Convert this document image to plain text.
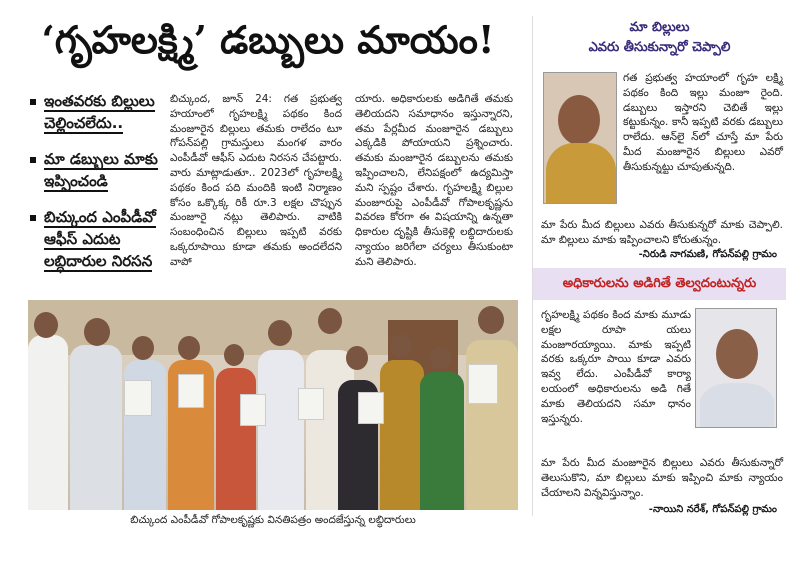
‘గృహలక్ష్మి’ డబ్బులు మాయం!
ఇంతవరకు బిల్లులు చెల్లించలేదు..
మా డబ్బులు మాకు ఇప్పించండి
బిచ్కుంద ఎంపీడీవో ఆఫీస్ ఎదుట లబ్ధిదారుల నిరసన
బిచ్కుంద, జూన్ 24: గత ప్రభుత్వ హయాంలో గృహలక్ష్మి పథకం కింద మంజూరైన బిల్లులు తమకు రాలేదం టూ గోపన్‌పల్లి గ్రామస్తులు మంగళ వారం ఎంపీడీవో ఆఫీస్ ఎదుట నిరసన చేపట్టారు. వారు మాట్లాడుతూ.. 2023లో గృహలక్ష్మి పథకం కింద పది మందికి ఇంటి నిర్మాణం కోసం ఒక్కొక్క రికీ రూ.3 లక్షల చొప్పున మంజూరై నట్లు తెలిపారు. వాటికి సంబంధించిన బిల్లులు ఇప్పటి వరకు ఒక్కరూపాయి కూడా తమకు అందలేదని వాపో
యారు. అధికారులకు అడిగితే తమకు తెలియదని సమాధానం ఇస్తున్నారని, తమ పేర్లమీద మంజూరైన డబ్బులు ఎక్కడికి పోయాయని ప్రశ్నించారు. తమకు మంజూరైన డబ్బులను తమకు ఇప్పించాలని, లేనిపక్షంలో ఉద్యమిస్తా మని స్పష్టం చేశారు. గృహలక్ష్మి బిల్లుల మంజూరుపై ఎంపీడీవో గోపాలకృష్ణను వివరణ కోరగా ఈ విషయాన్ని ఉన్నతా ధికారుల దృష్టికి తీసుకెళ్లి లబ్ధిదారులకు న్యాయం జరిగేలా చర్యలు తీసుకుంటా మని తెలిపారు.
బిచ్కుంద ఎంపీడీవో గోపాలకృష్ణకు వినతిపత్రం అందజేస్తున్న లబ్ధిదారులు
మా బిల్లులు
ఎవరు తీసుకున్నారో చెప్పాలి
గత ప్రభుత్వ హయాంలో గృహ లక్ష్మి పథకం కింది ఇల్లు మంజూ రైంది. డబ్బులు ఇస్తారని చెబితే ఇల్లు కట్టుకున్నం. కానీ ఇప్పటి వరకు డబ్బులు రాలేదు. ఆన్‌లై న్‌లో చూస్తే మా పేరు మీద మంజూరైన బిల్లులు ఎవరో తీసుకున్నట్టు చూపుతున్నది.
మా పేరు మీద బిల్లులు ఎవరు తీసుకున్నరో మాకు చెప్పాలి. మా బిల్లులు మాకు ఇప్పించాలని కోరుతున్నం.
-నిరుడి నాగమణి, గోపన్‌పల్లి గ్రామం
అధికారులను అడిగితే తెల్వదంటున్నరు
గృహలక్ష్మి పథకం కింద మాకు మూడు లక్షల రూపా యలు మంజూరయ్యాయి. మాకు ఇప్పటి వరకు ఒక్కరూ పాయి కూడా ఎవరు ఇవ్వ లేదు. ఎంపీడీవో కార్యా లయంలో అధికారులను అడి గితే మాకు తెలియదని సమా ధానం ఇస్తున్నరు.
మా పేరు మీద మంజూరైన బిల్లులు ఎవరు తీసుకున్నారో తెలుసుకొని, మా బిల్లులు మాకు ఇప్పించి మాకు న్యాయం చేయాలని విన్నవిస్తున్నాం.
-నాయిని నరేశ్, గోపన్‌పల్లి గ్రామం
